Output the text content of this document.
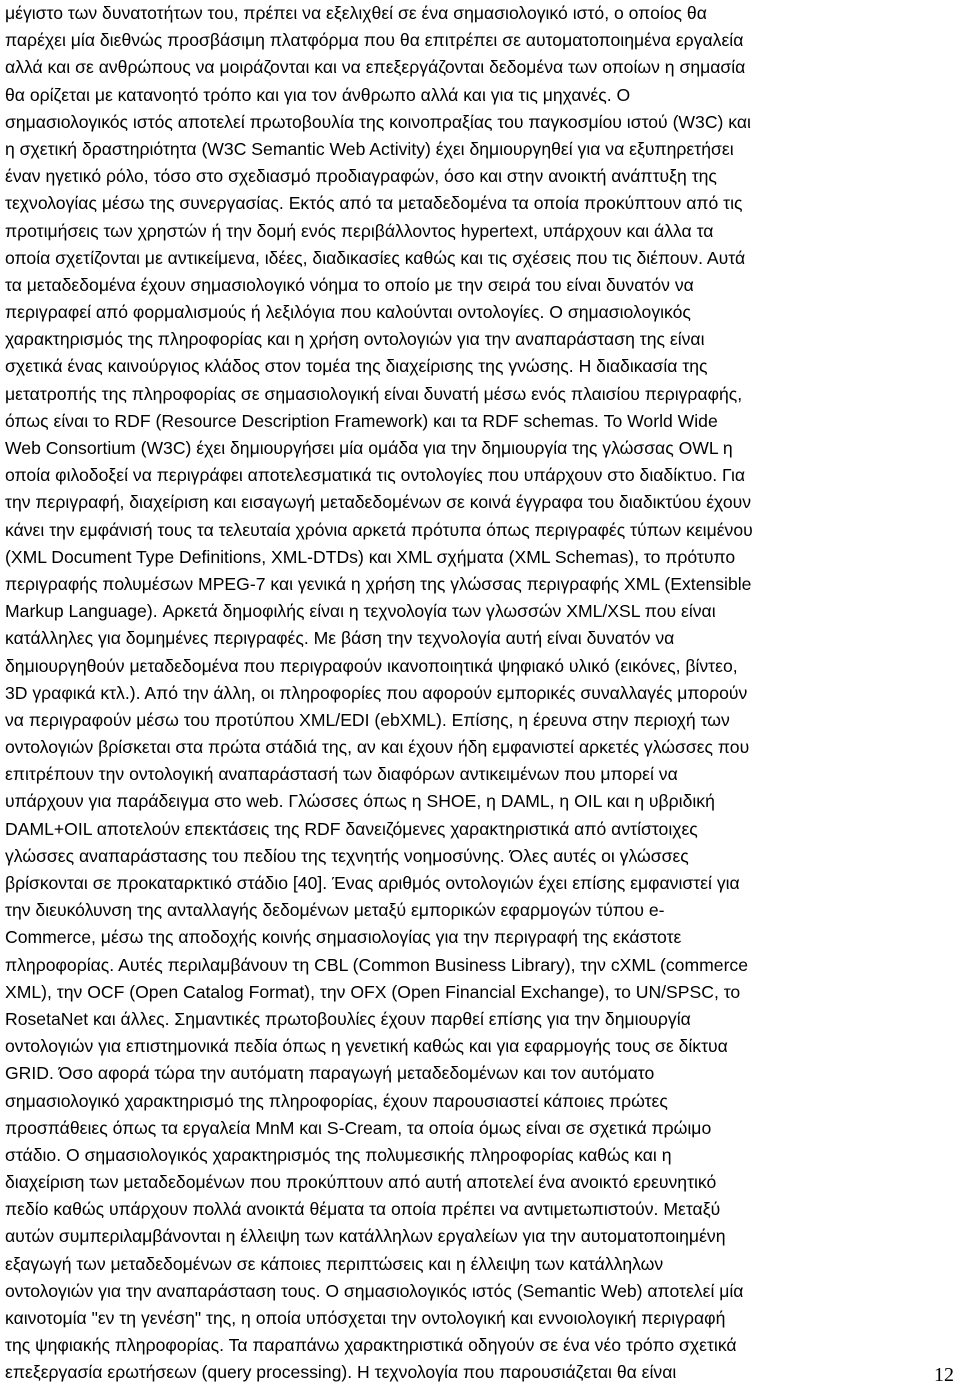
μέγιστο των δυνατοτήτων του, πρέπει να εξελιχθεί σε ένα σημασιολογικό ιστό, ο οποίος θα
παρέχει μία διεθνώς προσβάσιμη πλατφόρμα που θα επιτρέπει σε αυτοματοποιημένα εργαλεία
αλλά και σε ανθρώπους να μοιράζονται και να επεξεργάζονται δεδομένα των οποίων η σημασία
θα ορίζεται με κατανοητό τρόπο και για τον άνθρωπο αλλά και για τις μηχανές. Ο
σημασιολογικός ιστός αποτελεί πρωτοβουλία της κοινοπραξίας του παγκοσμίου ιστού (W3C) και
η σχετική δραστηριότητα (W3C Semantic Web Activity) έχει δημιουργηθεί για να εξυπηρετήσει
έναν ηγετικό ρόλο, τόσο στο σχεδιασμό προδιαγραφών, όσο και στην ανοικτή ανάπτυξη της
τεχνολογίας μέσω της συνεργασίας. Εκτός από τα μεταδεδομένα τα οποία προκύπτουν από τις
προτιμήσεις των χρηστών ή την δομή ενός περιβάλλοντος hypertext, υπάρχουν και άλλα τα
οποία σχετίζονται με αντικείμενα, ιδέες, διαδικασίες καθώς και τις σχέσεις που τις διέπουν. Αυτά
τα μεταδεδομένα έχουν σημασιολογικό νόημα το οποίο με την σειρά του είναι δυνατόν να
περιγραφεί από φορμαλισμούς ή λεξιλόγια που καλούνται οντολογίες. Ο σημασιολογικός
χαρακτηρισμός της πληροφορίας και η χρήση οντολογιών για την αναπαράσταση της είναι
σχετικά ένας καινούργιος κλάδος στον τομέα της διαχείρισης της γνώσης. Η διαδικασία της
μετατροπής της πληροφορίας σε σημασιολογική είναι δυνατή μέσω ενός πλαισίου περιγραφής,
όπως είναι το RDF (Resource Description Framework) και τα RDF schemas. Το World Wide
Web Consortium (W3C) έχει δημιουργήσει μία ομάδα για την δημιουργία της γλώσσας OWL η
οποία φιλοδοξεί να περιγράφει αποτελεσματικά τις οντολογίες που υπάρχουν στο διαδίκτυο. Για
την περιγραφή, διαχείριση και εισαγωγή μεταδεδομένων σε κοινά έγγραφα του διαδικτύου έχουν
κάνει την εμφάνισή τους τα τελευταία χρόνια αρκετά πρότυπα όπως περιγραφές τύπων κειμένου
(XML Document Type Definitions, XML-DTDs) και XML σχήματα (XML Schemas), το πρότυπο
περιγραφής πολυμέσων MPEG-7 και γενικά η χρήση της γλώσσας περιγραφής XML (Extensible
Markup Language). Αρκετά δημοφιλής είναι η τεχνολογία των γλωσσών XML/XSL που είναι
κατάλληλες για δομημένες περιγραφές. Με βάση την τεχνολογία αυτή είναι δυνατόν να
δημιουργηθούν μεταδεδομένα που περιγραφούν ικανοποιητικά ψηφιακό υλικό (εικόνες, βίντεο,
3D γραφικά κτλ.). Από την άλλη, οι πληροφορίες που αφορούν εμπορικές συναλλαγές μπορούν
να περιγραφούν μέσω του προτύπου XML/EDI (ebXML). Επίσης, η έρευνα στην περιοχή των
οντολογιών βρίσκεται στα πρώτα στάδιά της, αν και έχουν ήδη εμφανιστεί αρκετές γλώσσες που
επιτρέπουν την οντολογική αναπαράστασή των διαφόρων αντικειμένων που μπορεί να
υπάρχουν για παράδειγμα στο web. Γλώσσες όπως η SHOE, η DAML, η OIL και η υβριδική
DAML+OIL αποτελούν επεκτάσεις της RDF δανειζόμενες χαρακτηριστικά από αντίστοιχες
γλώσσες αναπαράστασης του πεδίου της τεχνητής νοημοσύνης. Όλες αυτές οι γλώσσες
βρίσκονται σε προκαταρκτικό στάδιο [40]. Ένας αριθμός οντολογιών έχει επίσης εμφανιστεί για
την διευκόλυνση της ανταλλαγής δεδομένων μεταξύ εμπορικών εφαρμογών τύπου e-
Commerce, μέσω της αποδοχής κοινής σημασιολογίας για την περιγραφή της εκάστοτε
πληροφορίας. Αυτές περιλαμβάνουν τη CBL (Common Business Library), την cXML (commerce
XML), την OCF (Open Catalog Format), την OFX (Open Financial Exchange), το UN/SPSC, το
RosetaNet και άλλες. Σημαντικές πρωτοβουλίες έχουν παρθεί επίσης για την δημιουργία
οντολογιών για επιστημονικά πεδία όπως η γενετική καθώς και για εφαρμογής τους σε δίκτυα
GRID. Όσο αφορά τώρα την αυτόματη παραγωγή μεταδεδομένων και τον αυτόματο
σημασιολογικό χαρακτηρισμό της πληροφορίας, έχουν παρουσιαστεί κάποιες πρώτες
προσπάθειες όπως τα εργαλεία MnM και S-Cream, τα οποία όμως είναι σε σχετικά πρώιμο
στάδιο. Ο σημασιολογικός χαρακτηρισμός της πολυμεσικής πληροφορίας καθώς και η
διαχείριση των μεταδεδομένων που προκύπτουν από αυτή αποτελεί ένα ανοικτό ερευνητικό
πεδίο καθώς υπάρχουν πολλά ανοικτά θέματα τα οποία πρέπει να αντιμετωπιστούν. Μεταξύ
αυτών συμπεριλαμβάνονται η έλλειψη των κατάλληλων εργαλείων για την αυτοματοποιημένη
εξαγωγή των μεταδεδομένων σε κάποιες περιπτώσεις και η έλλειψη των κατάλληλων
οντολογιών για την αναπαράσταση τους. Ο σημασιολογικός ιστός (Semantic Web) αποτελεί μία
καινοτομία "εν τη γενέση" της, η οποία υπόσχεται την οντολογική και εννοιολογική περιγραφή
της ψηφιακής πληροφορίας. Τα παραπάνω χαρακτηριστικά οδηγούν σε ένα νέο τρόπο σχετικά
επεξεργασία ερωτήσεων (query processing). Η τεχνολογία που παρουσιάζεται θα είναι	12
